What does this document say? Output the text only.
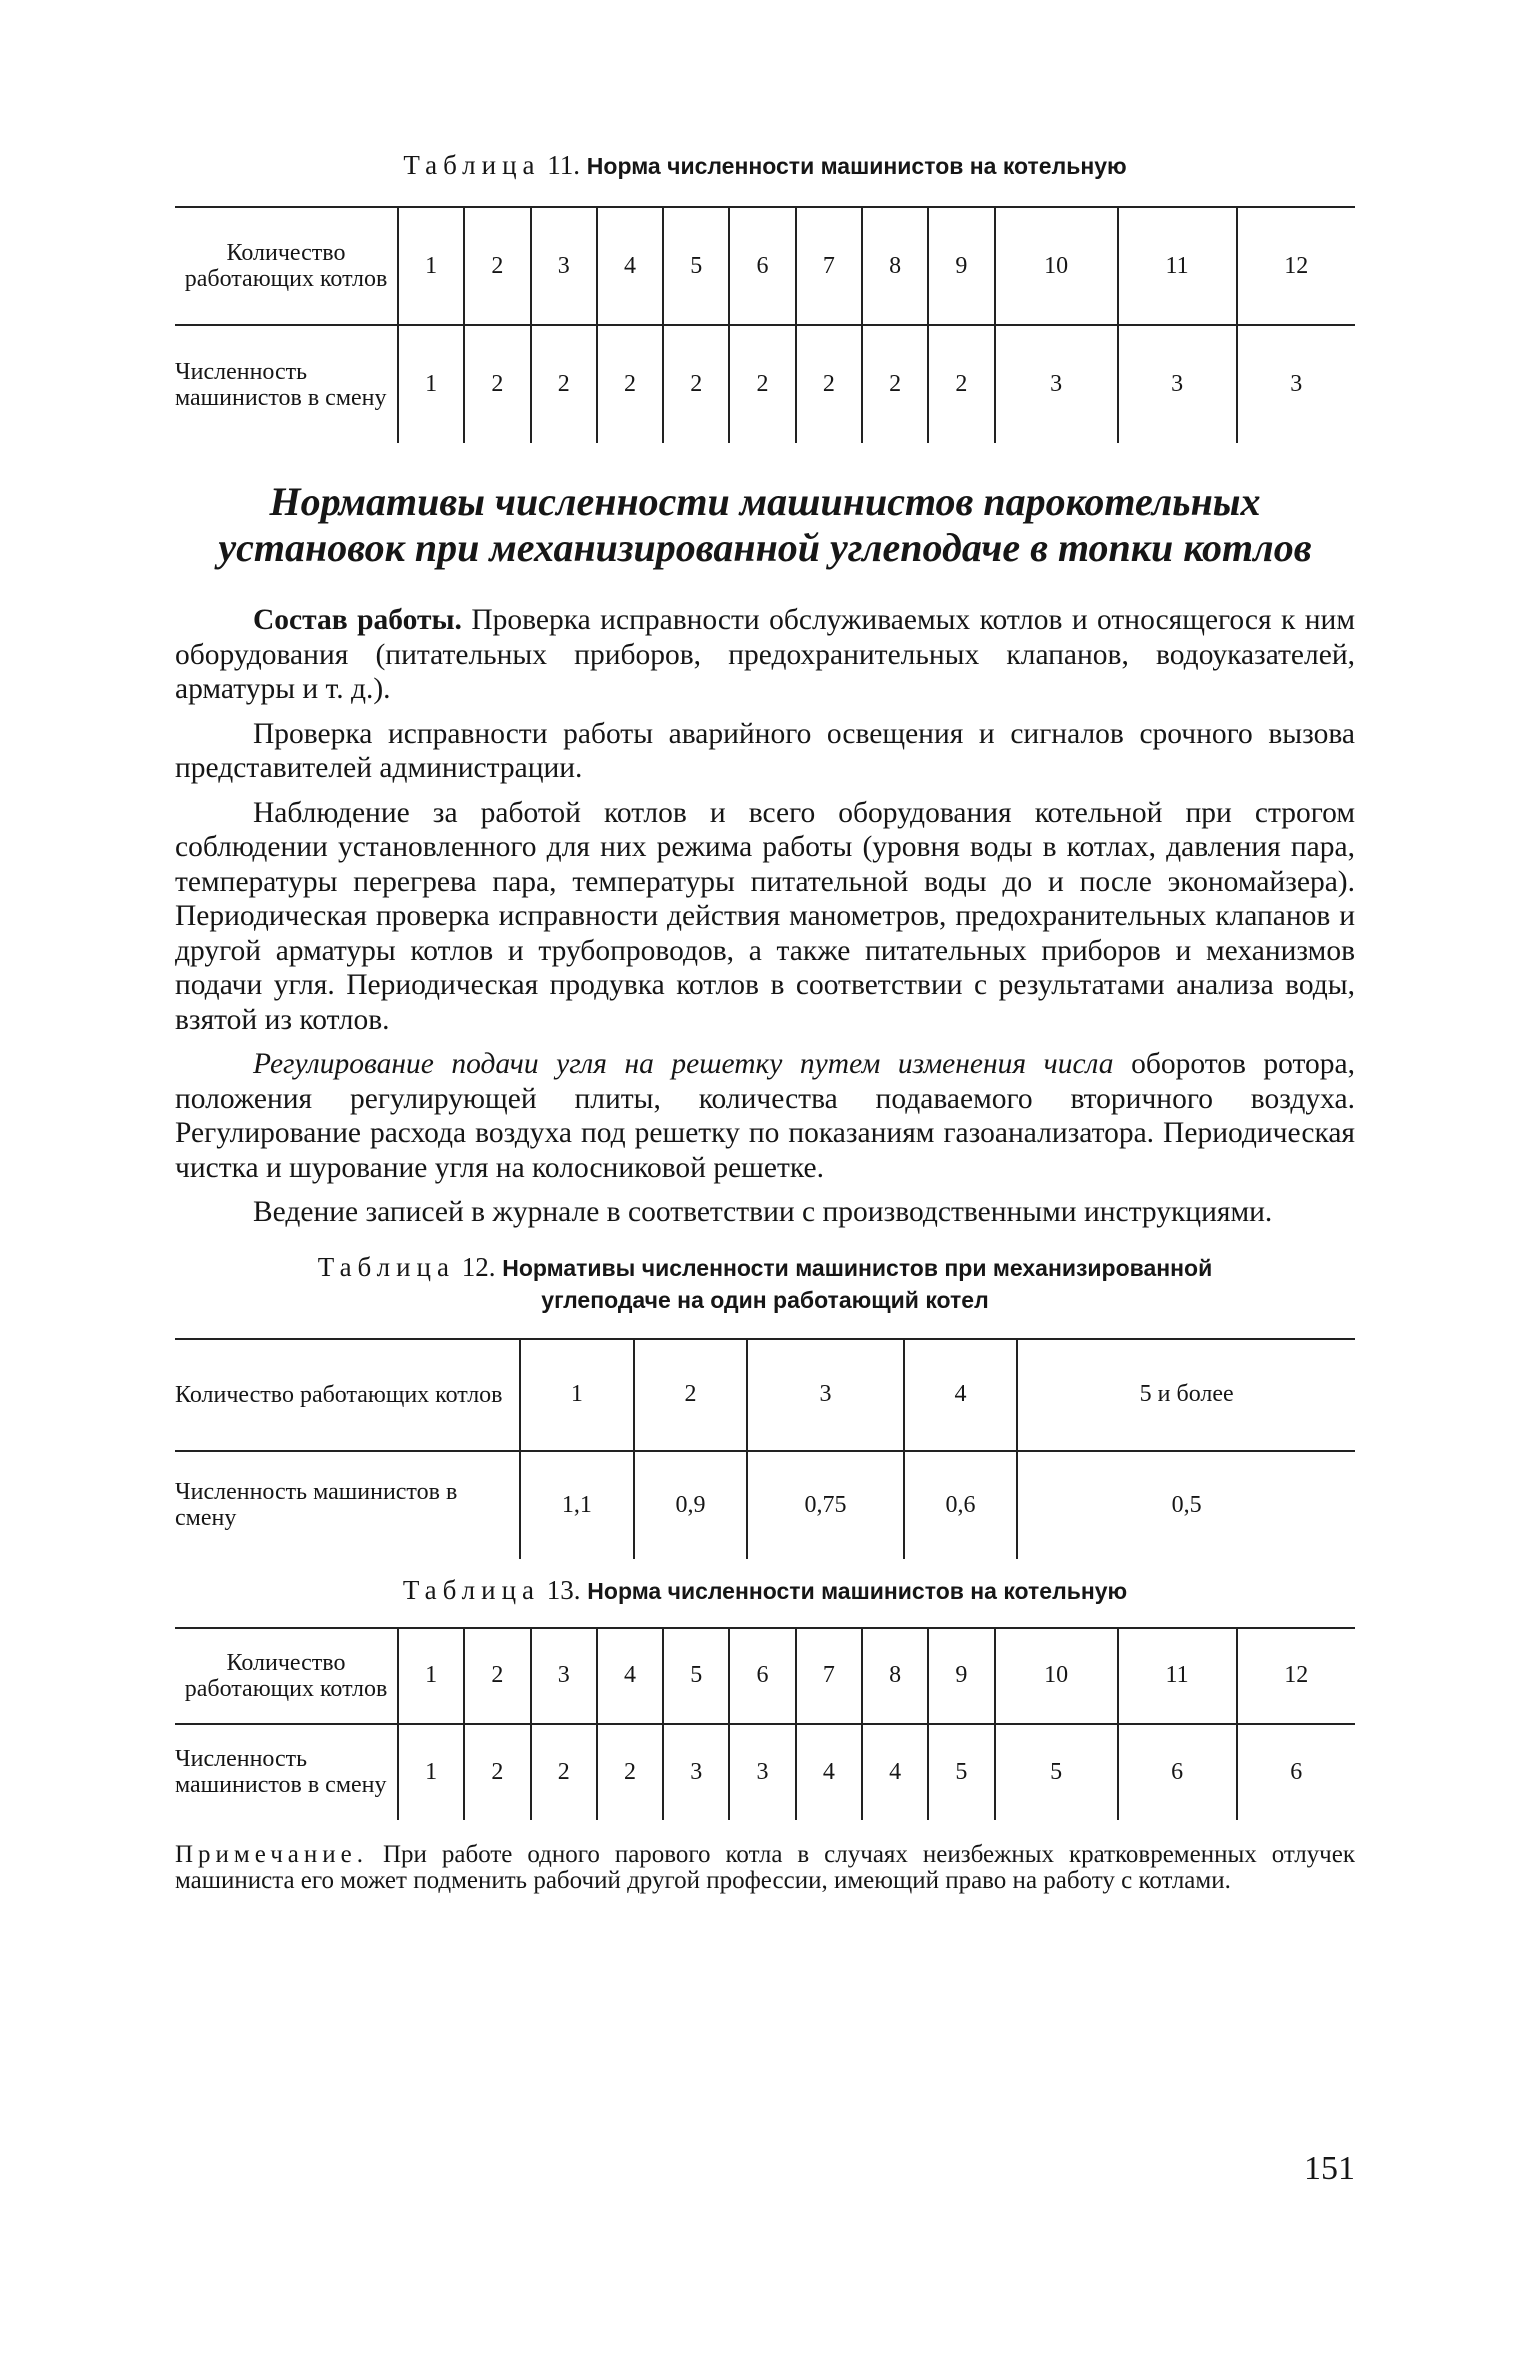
Таблица 11. Норма численности машинистов на котельную

Количество работающих котлов	1	2	3	4	5	6	7	8	9	10	11	12
Численность машинистов в смену	1	2	2	2	2	2	2	2	2	3	3	3
Нормативы численности машинистов парокотельных установок при механизированной углеподаче в топки котлов

Состав работы. Проверка исправности обслуживаемых котлов и относящегося к ним оборудования (питательных приборов, предохранительных клапанов, водоуказателей, арматуры и т. д.).

Проверка исправности работы аварийного освещения и сигналов срочного вызова представителей администрации.

Наблюдение за работой котлов и всего оборудования котельной при строгом соблюдении установленного для них режима работы (уровня воды в котлах, давления пара, температуры перегрева пара, температуры питательной воды до и после экономайзера). Периодическая проверка исправности действия манометров, предохранительных клапанов и другой арматуры котлов и трубопроводов, а также питательных приборов и механизмов подачи угля. Периодическая продувка котлов в соответствии с результатами анализа воды, взятой из котлов.

Регулирование подачи угля на решетку путем изменения числа оборотов ротора, положения регулирующей плиты, количества подаваемого вторичного воздуха. Регулирование расхода воздуха под решетку по показаниям газоанализатора. Периодическая чистка и шурование угля на колосниковой решетке.

Ведение записей в журнале в соответствии с производственными инструкциями.

Таблица 12. Нормативы численности машинистов при механизированной
углеподаче на один работающий котел

Количество работающих котлов	1	2	3	4	5 и более
Численность машинистов в смену	1,1	0,9	0,75	0,6	0,5

Таблица 13. Норма численности машинистов на котельную

Количество работающих котлов	1	2	3	4	5	6	7	8	9	10	11	12
Численность машинистов в смену	1	2	2	2	3	3	4	4	5	5	6	6
Примечание. При работе одного парового котла в случаях неизбежных кратковременных отлучек машиниста его может подменить рабочий другой профессии, имеющий право на работу с котлами.
151
